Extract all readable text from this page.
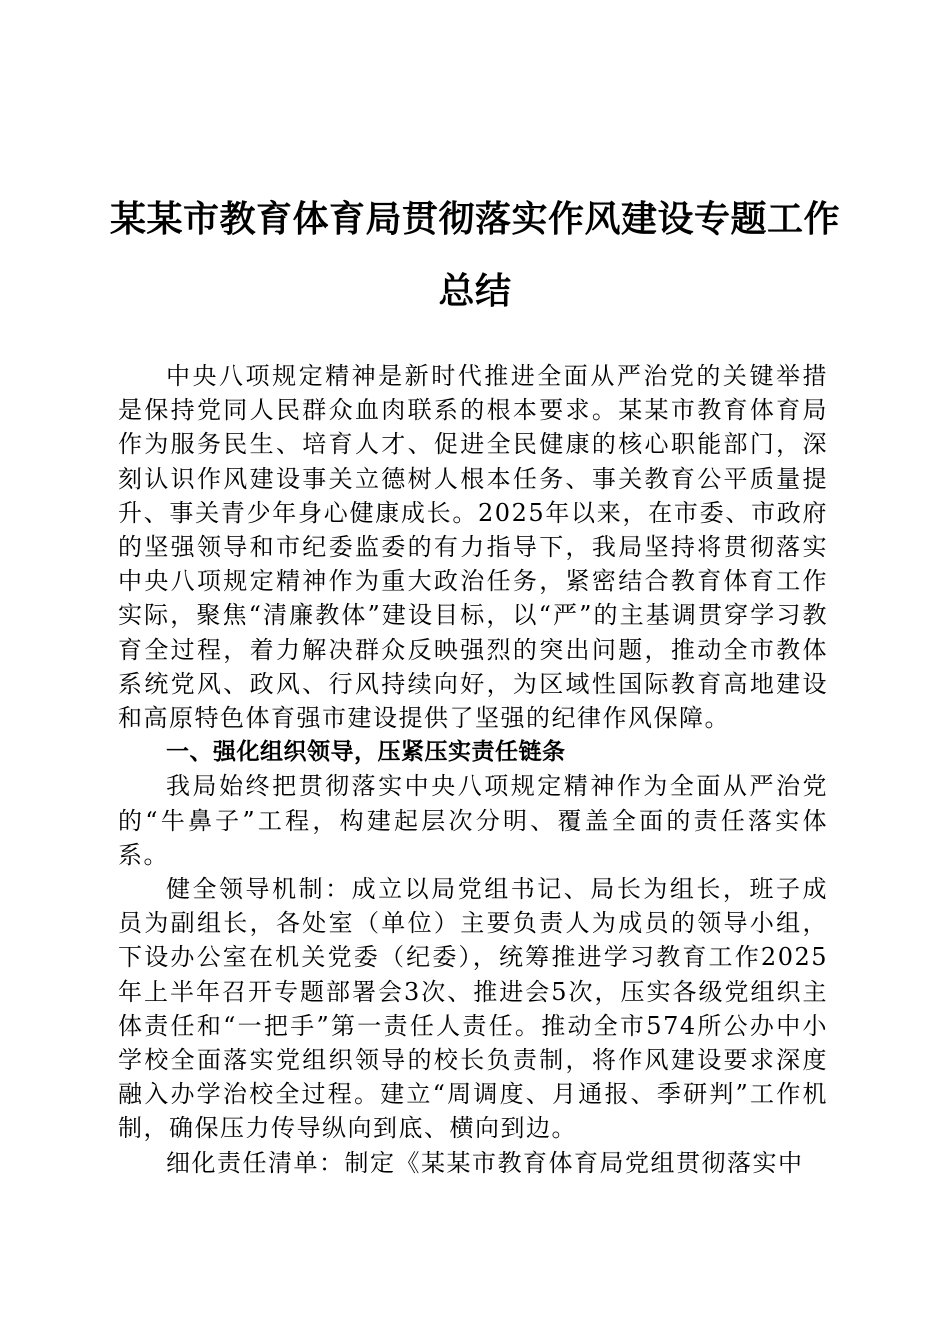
某某市教育体育局贯彻落实作风建设专题工作

总结

中央八项规定精神是新时代推进全面从严治党的关键举措是保持党同人民群众血肉联系的根本要求。某某市教育体育局作为服务民生、培育人才、促进全民健康的核心职能部门，深刻认识作风建设事关立德树人根本任务、事关教育公平质量提升、事关青少年身心健康成长。2025年以来，在市委、市政府的坚强领导和市纪委监委的有力指导下，我局坚持将贯彻落实中央八项规定精神作为重大政治任务，紧密结合教育体育工作实际，聚焦“清廉教体”建设目标，以“严”的主基调贯穿学习教育全过程，着力解决群众反映强烈的突出问题，推动全市教体系统党风、政风、行风持续向好，为区域性国际教育高地建设和高原特色体育强市建设提供了坚强的纪律作风保障。

一、强化组织领导，压紧压实责任链条

我局始终把贯彻落实中央八项规定精神作为全面从严治党的“牛鼻子”工程，构建起层次分明、覆盖全面的责任落实体系。

健全领导机制：成立以局党组书记、局长为组长，班子成员为副组长，各处室（单位）主要负责人为成员的领导小组，下设办公室在机关党委（纪委），统筹推进学习教育工作2025年上半年召开专题部署会3次、推进会5次，压实各级党组织主体责任和“一把手”第一责任人责任。推动全市574所公办中小学校全面落实党组织领导的校长负责制，将作风建设要求深度融入办学治校全过程。建立“周调度、月通报、季研判”工作机制，确保压力传导纵向到底、横向到边。

细化责任清单：制定《某某市教育体育局党组贯彻落实中
